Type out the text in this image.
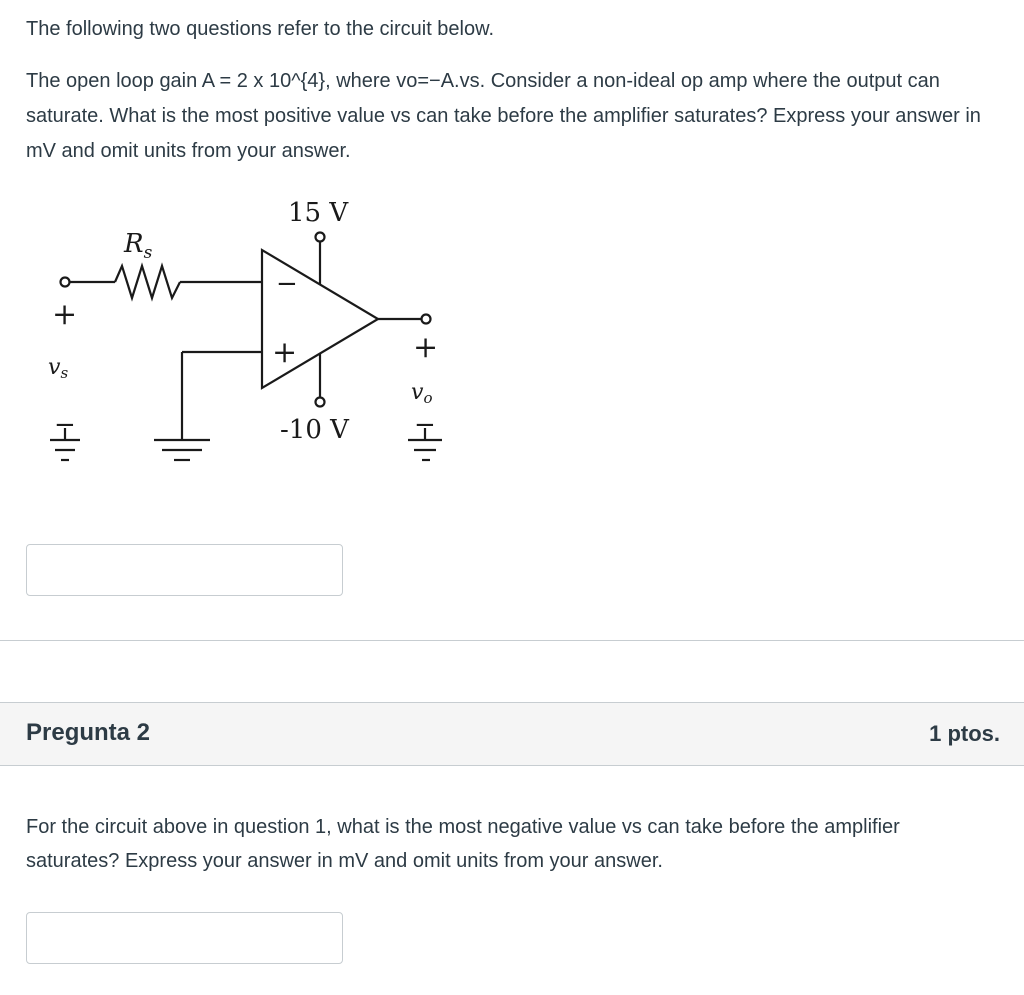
The following two questions refer to the circuit below.

The open loop gain A = 2 x 10^{4}, where vo=−A.vs. Consider a non-ideal op amp where the output can saturate. What is the most positive value vs can take before the amplifier saturates? Express your answer in mV and omit units from your answer.

15 V
-10 V
$R_s$
+
vs
−
−
+	+
vo
−
Pregunta 2	1 ptos.

For the circuit above in question 1, what is the most negative value vs can take before the amplifier saturates? Express your answer in mV and omit units from your answer.
